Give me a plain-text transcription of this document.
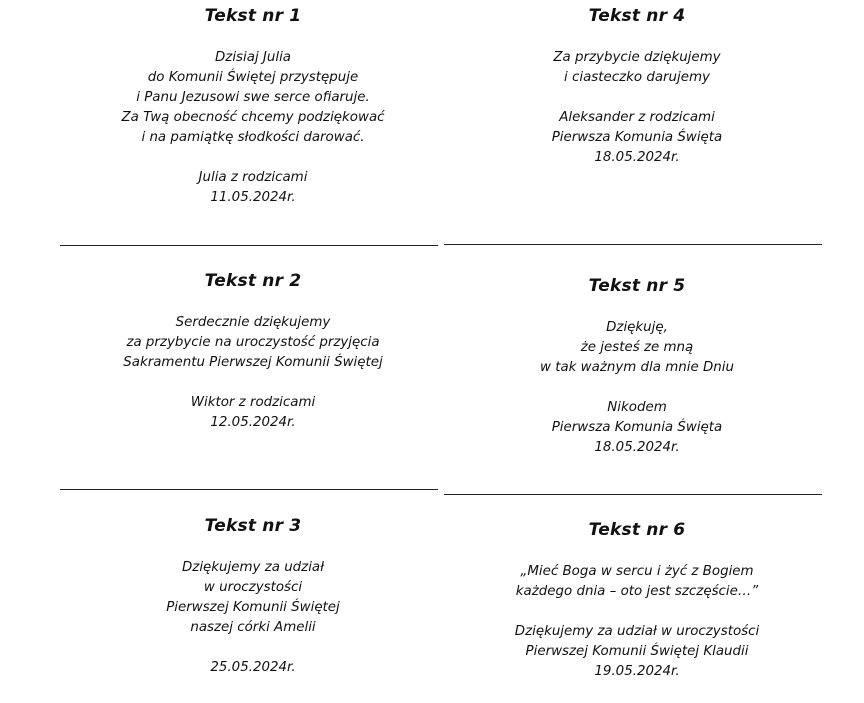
Tekst nr 1
Dzisiaj Julia
do Komunii Świętej przystępuje
i Panu Jezusowi swe serce ofiaruje.
Za Twą obecność chcemy podziękować
i na pamiątkę słodkości darować.
Julia z rodzicami
11.05.2024r.
Tekst nr 2
Serdecznie dziękujemy
za przybycie na uroczystość przyjęcia
Sakramentu Pierwszej Komunii Świętej
Wiktor z rodzicami
12.05.2024r.
Tekst nr 3
Dziękujemy za udział
w uroczystości
Pierwszej Komunii Świętej
naszej córki Amelii
25.05.2024r.
Tekst nr 4
Za przybycie dziękujemy
i ciasteczko darujemy
Aleksander z rodzicami
Pierwsza Komunia Święta
18.05.2024r.
Tekst nr 5
Dziękuję,
że jesteś ze mną
w tak ważnym dla mnie Dniu
Nikodem
Pierwsza Komunia Święta
18.05.2024r.
Tekst nr 6
„Mieć Boga w sercu i żyć z Bogiem
każdego dnia – oto jest szczęście…”
Dziękujemy za udział w uroczystości
Pierwszej Komunii Świętej Klaudii
19.05.2024r.
